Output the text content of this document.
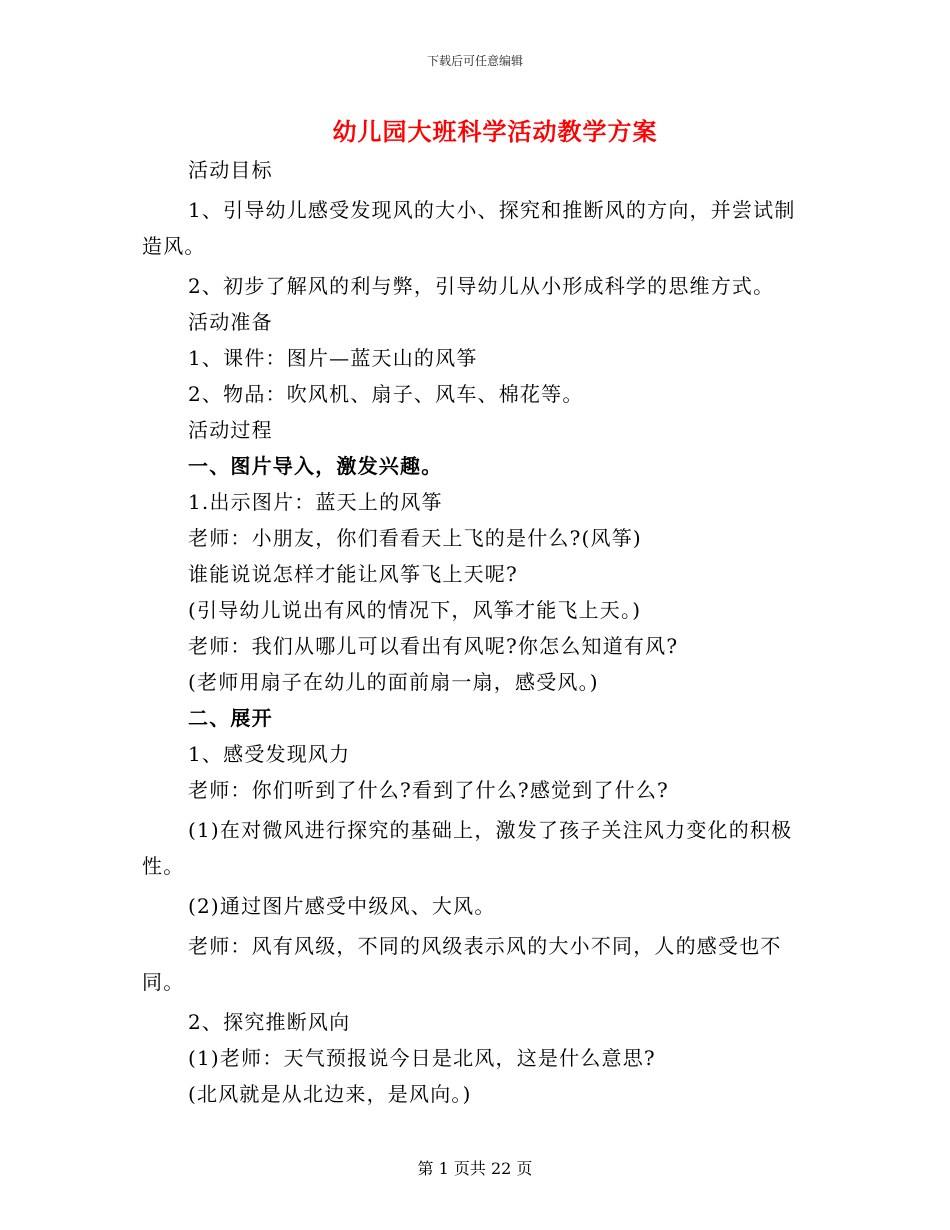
下载后可任意编辑
幼儿园大班科学活动教学方案

活动目标

1、引导幼儿感受发现风的大小、探究和推断风的方向，并尝试制造风。

2、初步了解风的利与弊，引导幼儿从小形成科学的思维方式。

活动准备

1、课件：图片—蓝天山的风筝

2、物品：吹风机、扇子、风车、棉花等。

活动过程

一、图片导入，激发兴趣。

1.出示图片：蓝天上的风筝

老师：小朋友，你们看看天上飞的是什么?(风筝)

谁能说说怎样才能让风筝飞上天呢?

(引导幼儿说出有风的情况下，风筝才能飞上天。)

老师：我们从哪儿可以看出有风呢?你怎么知道有风?

(老师用扇子在幼儿的面前扇一扇，感受风。)

二、展开

1、感受发现风力

老师：你们听到了什么?看到了什么?感觉到了什么?

(1)在对微风进行探究的基础上，激发了孩子关注风力变化的积极性。

(2)通过图片感受中级风、大风。

老师：风有风级，不同的风级表示风的大小不同，人的感受也不同。

2、探究推断风向

(1)老师：天气预报说今日是北风，这是什么意思?

(北风就是从北边来，是风向。)

第 1 页共 22 页
